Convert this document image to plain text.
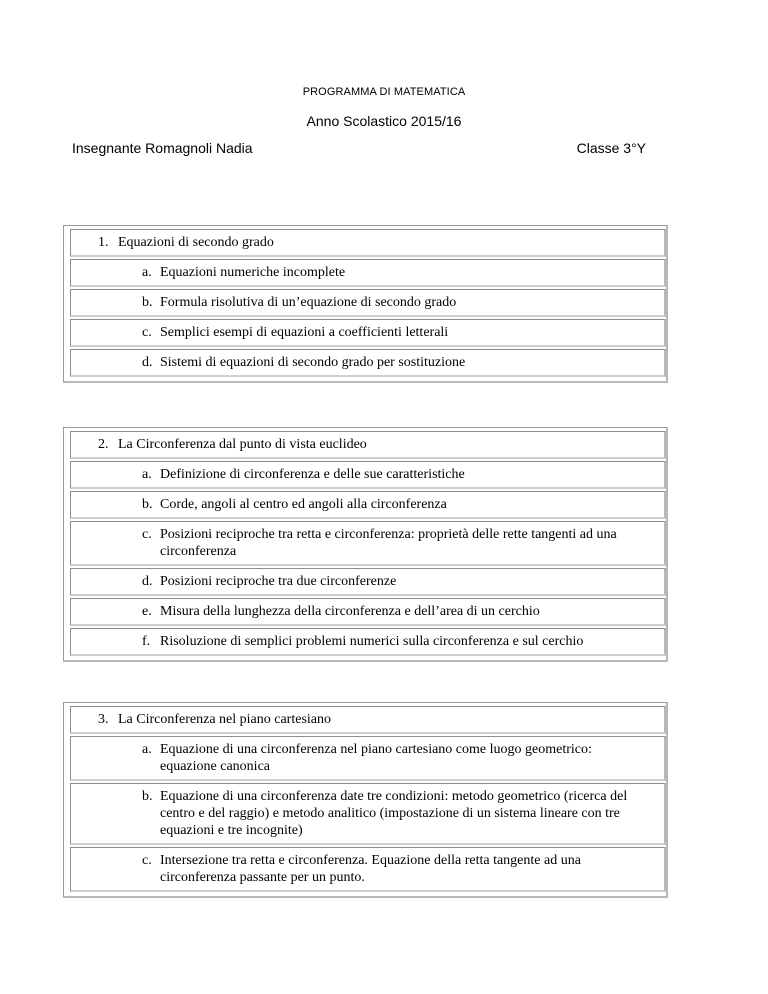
PROGRAMMA DI MATEMATICA
Anno Scolastico 2015/16
Insegnante Romagnoli Nadia	Classe 3°Y
1. Equazioni di secondo grado
a. Equazioni numeriche incomplete
b. Formula risolutiva di un’equazione di secondo grado
c. Semplici esempi di equazioni a coefficienti letterali
d. Sistemi di equazioni di secondo grado per sostituzione
2. La Circonferenza dal punto di vista euclideo
a. Definizione di circonferenza e delle sue caratteristiche
b. Corde, angoli al centro ed angoli alla circonferenza
c. Posizioni reciproche tra retta e circonferenza: proprietà delle rette tangenti ad una circonferenza
d. Posizioni reciproche tra due circonferenze
e. Misura della lunghezza della circonferenza e dell’area di un cerchio
f. Risoluzione di semplici problemi numerici sulla circonferenza e sul cerchio
3. La Circonferenza nel piano cartesiano
a. Equazione di una circonferenza nel piano cartesiano come luogo geometrico: equazione canonica
b. Equazione di una circonferenza date tre condizioni: metodo geometrico (ricerca del centro e del raggio) e metodo analitico (impostazione di un sistema lineare con tre equazioni e tre incognite)
c. Intersezione tra retta e circonferenza. Equazione della retta tangente ad una circonferenza passante per un punto.
